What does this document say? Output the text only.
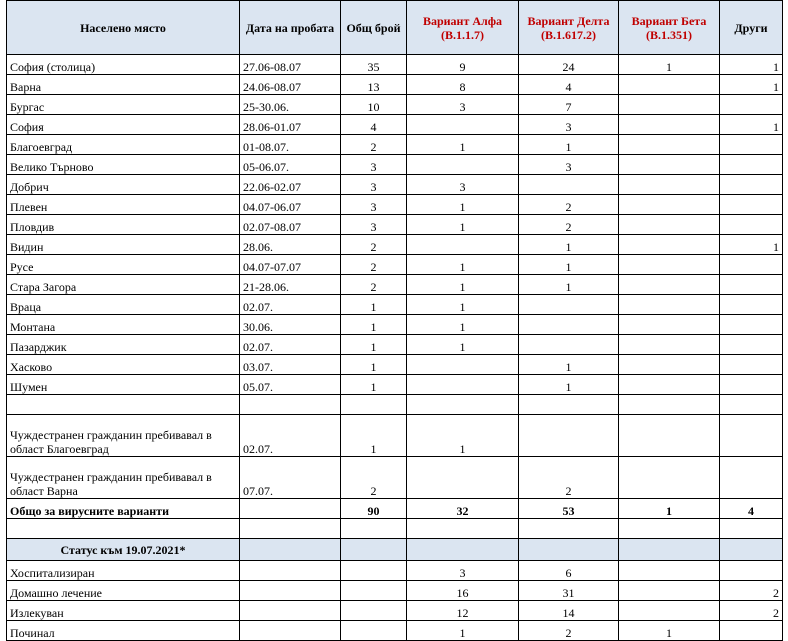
Населено място	Дата на пробата	Общ брой	Вариант Алфа (B.1.1.7)	Вариант Делта (B.1.617.2)	Вариант Бета (B.1.351)	Други
София (столица)	27.06-08.07	35	9	24	1	1
Варна	24.06-08.07	13	8	4		1
Бургас	25-30.06.	10	3	7		
София	28.06-01.07	4		3		1
Благоевград	01-08.07.	2	1	1		
Велико Търново	05-06.07.	3		3		
Добрич	22.06-02.07	3	3			
Плевен	04.07-06.07	3	1	2		
Пловдив	02.07-08.07	3	1	2		
Видин	28.06.	2		1		1
Русе	04.07-07.07	2	1	1		
Стара Загора	21-28.06.	2	1	1		
Враца	02.07.	1	1			
Монтана	30.06.	1	1			
Пазарджик	02.07.	1	1			
Хасково	03.07.	1		1		
Шумен	05.07.	1		1		

Чуждестранен гражданин пребивавал в област Благоевград	02.07.	1	1			
Чуждестранен гражданин пребивавал в област Варна	07.07.	2		2		
Общо за вирусните варианти		90	32	53	1	4

Статус към 19.07.2021*						
Хоспитализиран			3	6		
Домашно лечение			16	31		2
Излекуван			12	14		2
Починал			1	2	1	
